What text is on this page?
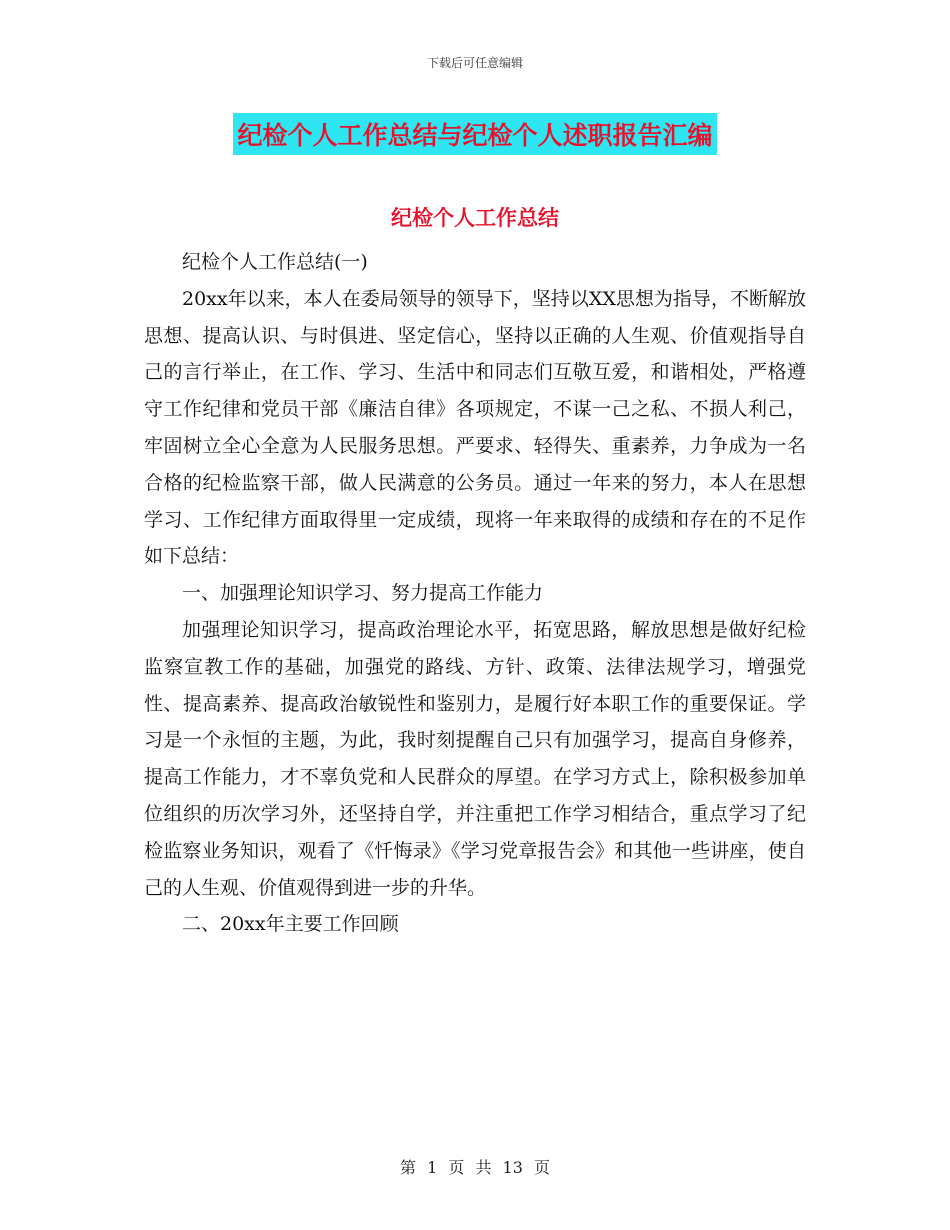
下载后可任意编辑
纪检个人工作总结与纪检个人述职报告汇编
纪检个人工作总结

纪检个人工作总结(一)

20xx年以来，本人在委局领导的领导下，坚持以XX思想为指导，不断解放思想、提高认识、与时俱进、坚定信心，坚持以正确的人生观、价值观指导自己的言行举止，在工作、学习、生活中和同志们互敬互爱，和谐相处，严格遵守工作纪律和党员干部《廉洁自律》各项规定，不谋一己之私、不损人利己，牢固树立全心全意为人民服务思想。严要求、轻得失、重素养，力争成为一名合格的纪检监察干部，做人民满意的公务员。通过一年来的努力，本人在思想学习、工作纪律方面取得里一定成绩，现将一年来取得的成绩和存在的不足作如下总结：

一、加强理论知识学习、努力提高工作能力

加强理论知识学习，提高政治理论水平，拓宽思路，解放思想是做好纪检监察宣教工作的基础，加强党的路线、方针、政策、法律法规学习，增强党性、提高素养、提高政治敏锐性和鉴别力，是履行好本职工作的重要保证。学习是一个永恒的主题，为此，我时刻提醒自己只有加强学习，提高自身修养，提高工作能力，才不辜负党和人民群众的厚望。在学习方式上，除积极参加单位组织的历次学习外，还坚持自学，并注重把工作学习相结合，重点学习了纪检监察业务知识，观看了《忏悔录》《学习党章报告会》和其他一些讲座，使自己的人生观、价值观得到进一步的升华。

二、20xx年主要工作回顾

第 1 页 共 13 页
